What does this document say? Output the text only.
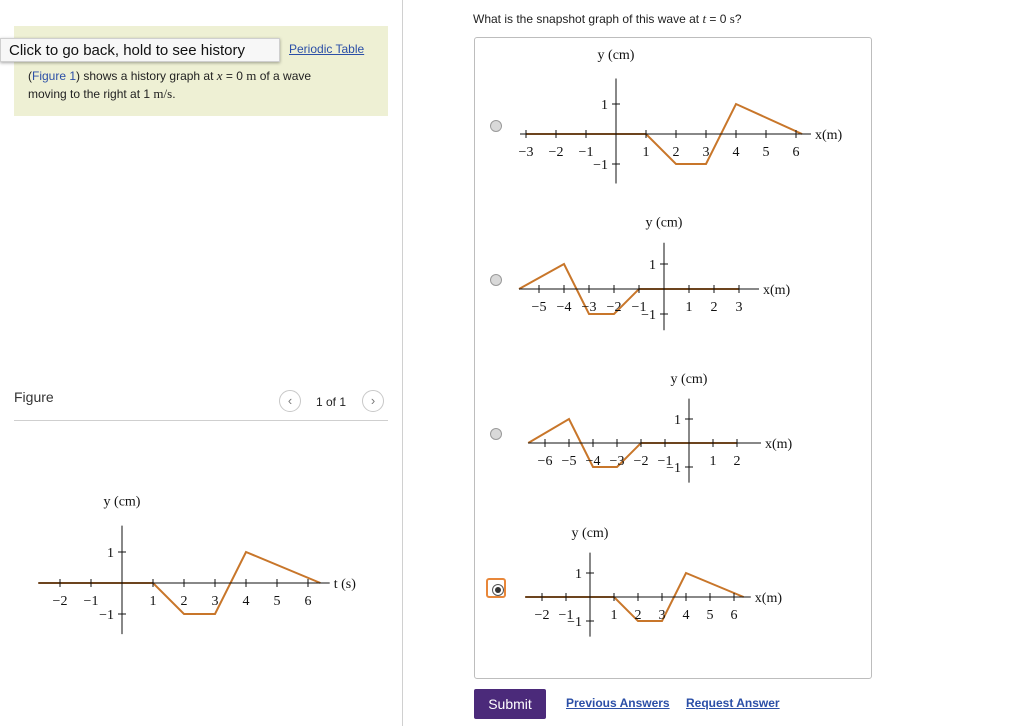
Click to go back, hold to see history	Periodic Table
(Figure 1) shows a history graph at x = 0 m of a wave
moving to the right at 1 m/s.
Figure	‹	1 of 1	›
y (cm)
t (s)
1
−1
−2 −1	1 2 3 4 5 6
What is the snapshot graph of this wave at t = 0 s?
y (cm)
x(m)
1
−1
−3 −2 −1	1 2 3 4 5 6
y (cm)
x(m)
1
−1
−5 −4 −3 −2 −1	1 2 3
y (cm)
x(m)
1
−1
−6 −5 −4 −3 −2 −1	1 2
y (cm)
x(m)
1
−1
−2 −1	1 2 3 4 5 6
Submit	Previous Answers Request Answer
